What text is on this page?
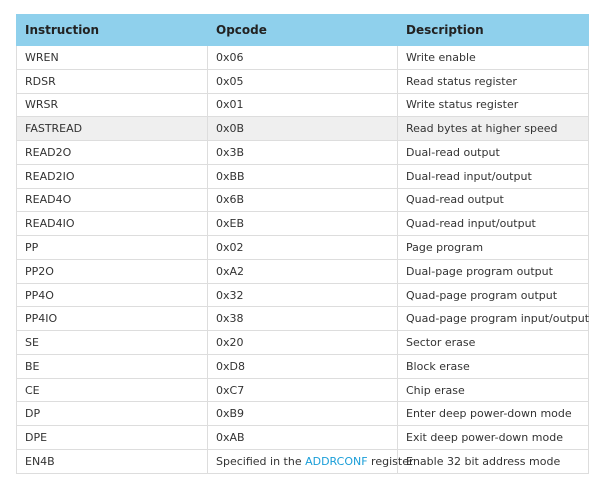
Instruction	Opcode	Description
WREN	0x06	Write enable
RDSR	0x05	Read status register
WRSR	0x01	Write status register
FASTREAD	0x0B	Read bytes at higher speed
READ2O	0x3B	Dual-read output
READ2IO	0xBB	Dual-read input/output
READ4O	0x6B	Quad-read output
READ4IO	0xEB	Quad-read input/output
PP	0x02	Page program
PP2O	0xA2	Dual-page program output
PP4O	0x32	Quad-page program output
PP4IO	0x38	Quad-page program input/output
SE	0x20	Sector erase
BE	0xD8	Block erase
CE	0xC7	Chip erase
DP	0xB9	Enter deep power-down mode
DPE	0xAB	Exit deep power-down mode
EN4B	Specified in the ADDRCONF register	Enable 32 bit address mode
